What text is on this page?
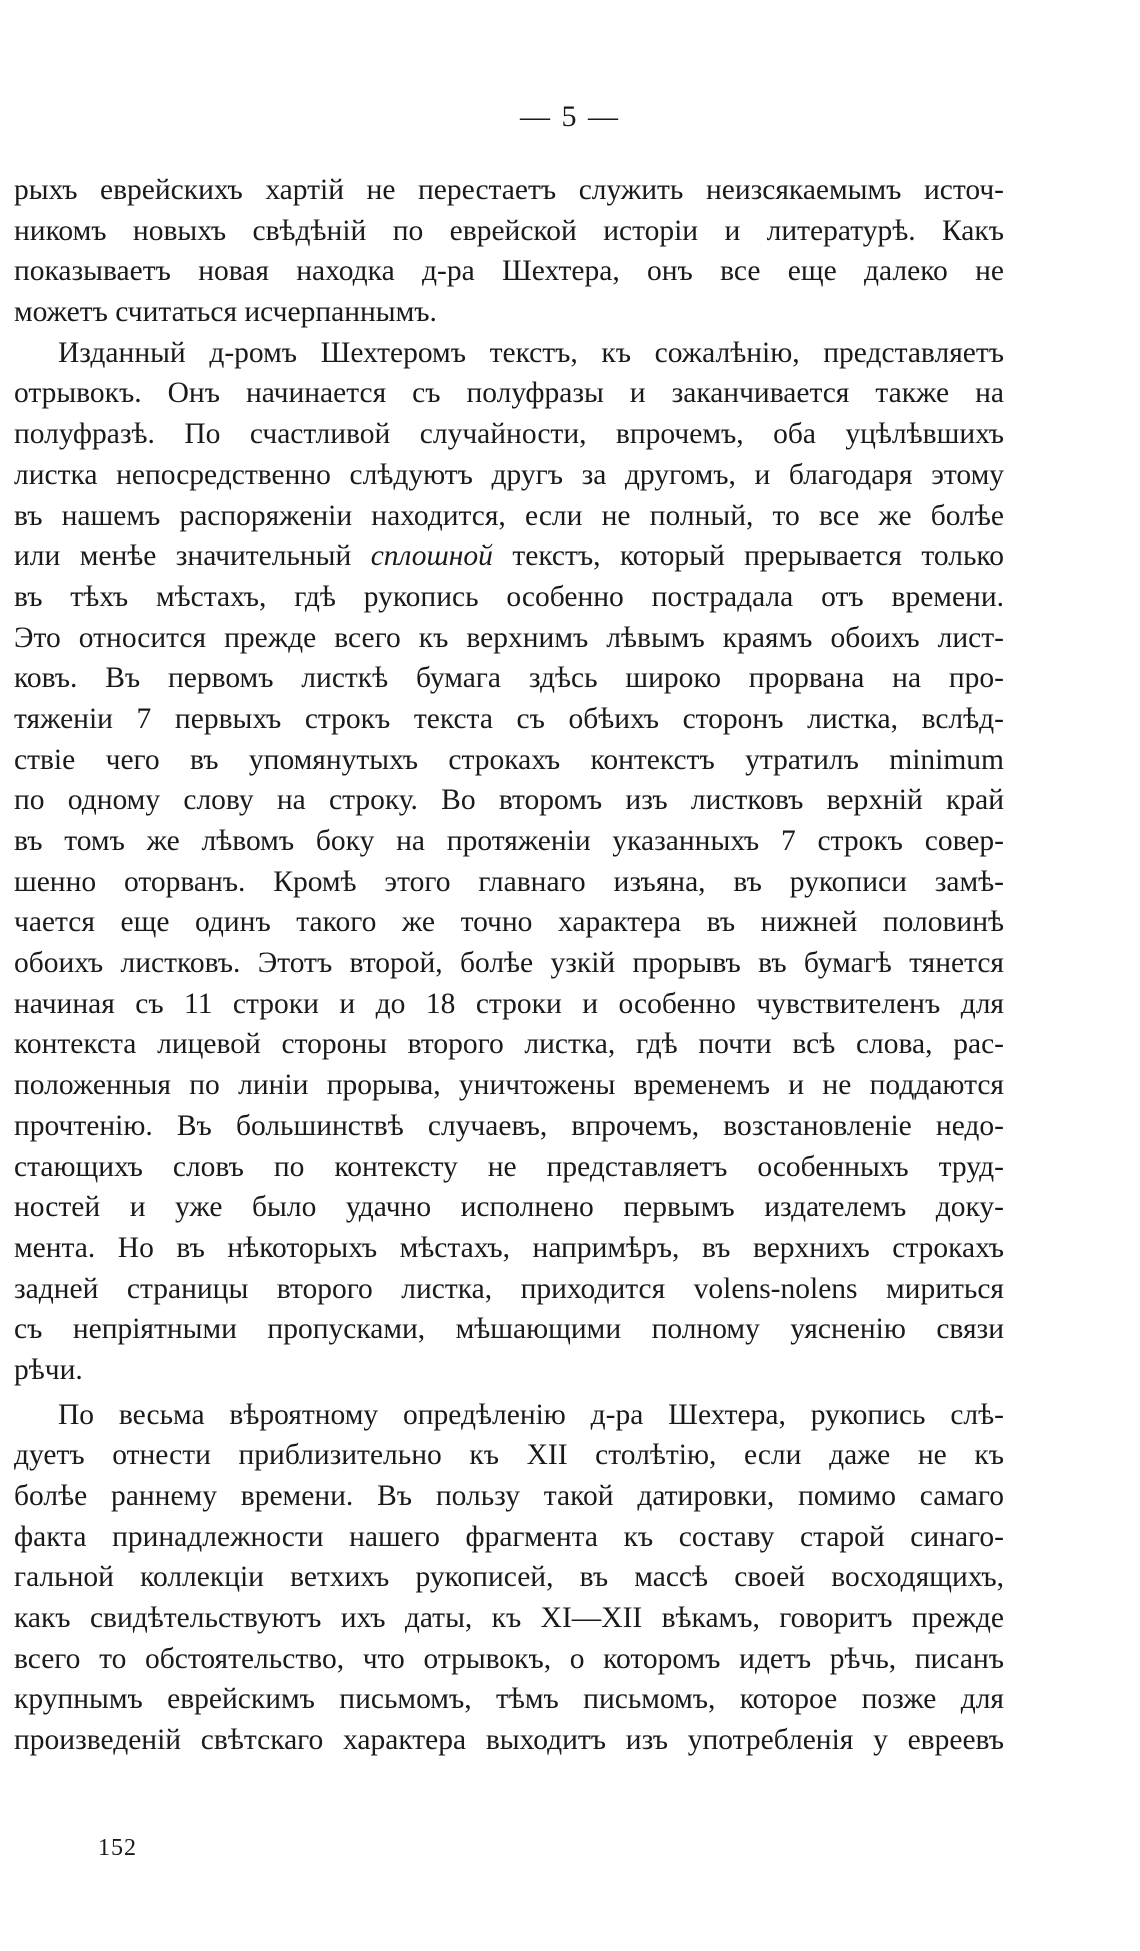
— 5 —
рыхъ еврейскихъ хартій не перестаетъ служить неизсякаемымъ источ-
никомъ новыхъ свѣдѣній по еврейской исторіи и литературѣ. Какъ
показываетъ новая находка д-ра Шехтера, онъ все еще далеко не
можетъ считаться исчерпаннымъ.
Изданный д-ромъ Шехтеромъ текстъ, къ сожалѣнію, представляетъ
отрывокъ. Онъ начинается съ полуфразы и заканчивается также на
полуфразѣ. По счастливой случайности, впрочемъ, оба уцѣлѣвшихъ
листка непосредственно слѣдуютъ другъ за другомъ, и благодаря этому
въ нашемъ распоряженіи находится, если не полный, то все же болѣе
или менѣе значительный сплошной текстъ, который прерывается только
въ тѣхъ мѣстахъ, гдѣ рукопись особенно пострадала отъ времени.
Это относится прежде всего къ верхнимъ лѣвымъ краямъ обоихъ лист-
ковъ. Въ первомъ листкѣ бумага здѣсь широко прорвана на про-
тяженіи 7 первыхъ строкъ текста съ обѣихъ сторонъ листка, вслѣд-
ствіе чего въ упомянутыхъ строкахъ контекстъ утратилъ minimum
по одному слову на строку. Во второмъ изъ листковъ верхній край
въ томъ же лѣвомъ боку на протяженіи указанныхъ 7 строкъ совер-
шенно оторванъ. Кромѣ этого главнаго изъяна, въ рукописи замѣ-
чается еще одинъ такого же точно характера въ нижней половинѣ
обоихъ листковъ. Этотъ второй, болѣе узкій прорывъ въ бумагѣ тянется
начиная съ 11 строки и до 18 строки и особенно чувствителенъ для
контекста лицевой стороны второго листка, гдѣ почти всѣ слова, рас-
положенныя по линіи прорыва, уничтожены временемъ и не поддаются
прочтенію. Въ большинствѣ случаевъ, впрочемъ, возстановленіе недо-
стающихъ словъ по контексту не представляетъ особенныхъ труд-
ностей и уже было удачно исполнено первымъ издателемъ доку-
мента. Но въ нѣкоторыхъ мѣстахъ, напримѣръ, въ верхнихъ строкахъ
задней страницы второго листка, приходится volens-nolens мириться
съ непріятными пропусками, мѣшающими полному уясненію связи
рѣчи.
По весьма вѣроятному опредѣленію д-ра Шехтера, рукопись слѣ-
дуетъ отнести приблизительно къ XII столѣтію, если даже не къ
болѣе раннему времени. Въ пользу такой датировки, помимо самаго
факта принадлежности нашего фрагмента къ составу старой синаго-
гальной коллекціи ветхихъ рукописей, въ массѣ своей восходящихъ,
какъ свидѣтельствуютъ ихъ даты, къ XI—XII вѣкамъ, говоритъ прежде
всего то обстоятельство, что отрывокъ, о которомъ идетъ рѣчь, писанъ
крупнымъ еврейскимъ письмомъ, тѣмъ письмомъ, которое позже для
произведеній свѣтскаго характера выходитъ изъ употребленія у евреевъ
152
